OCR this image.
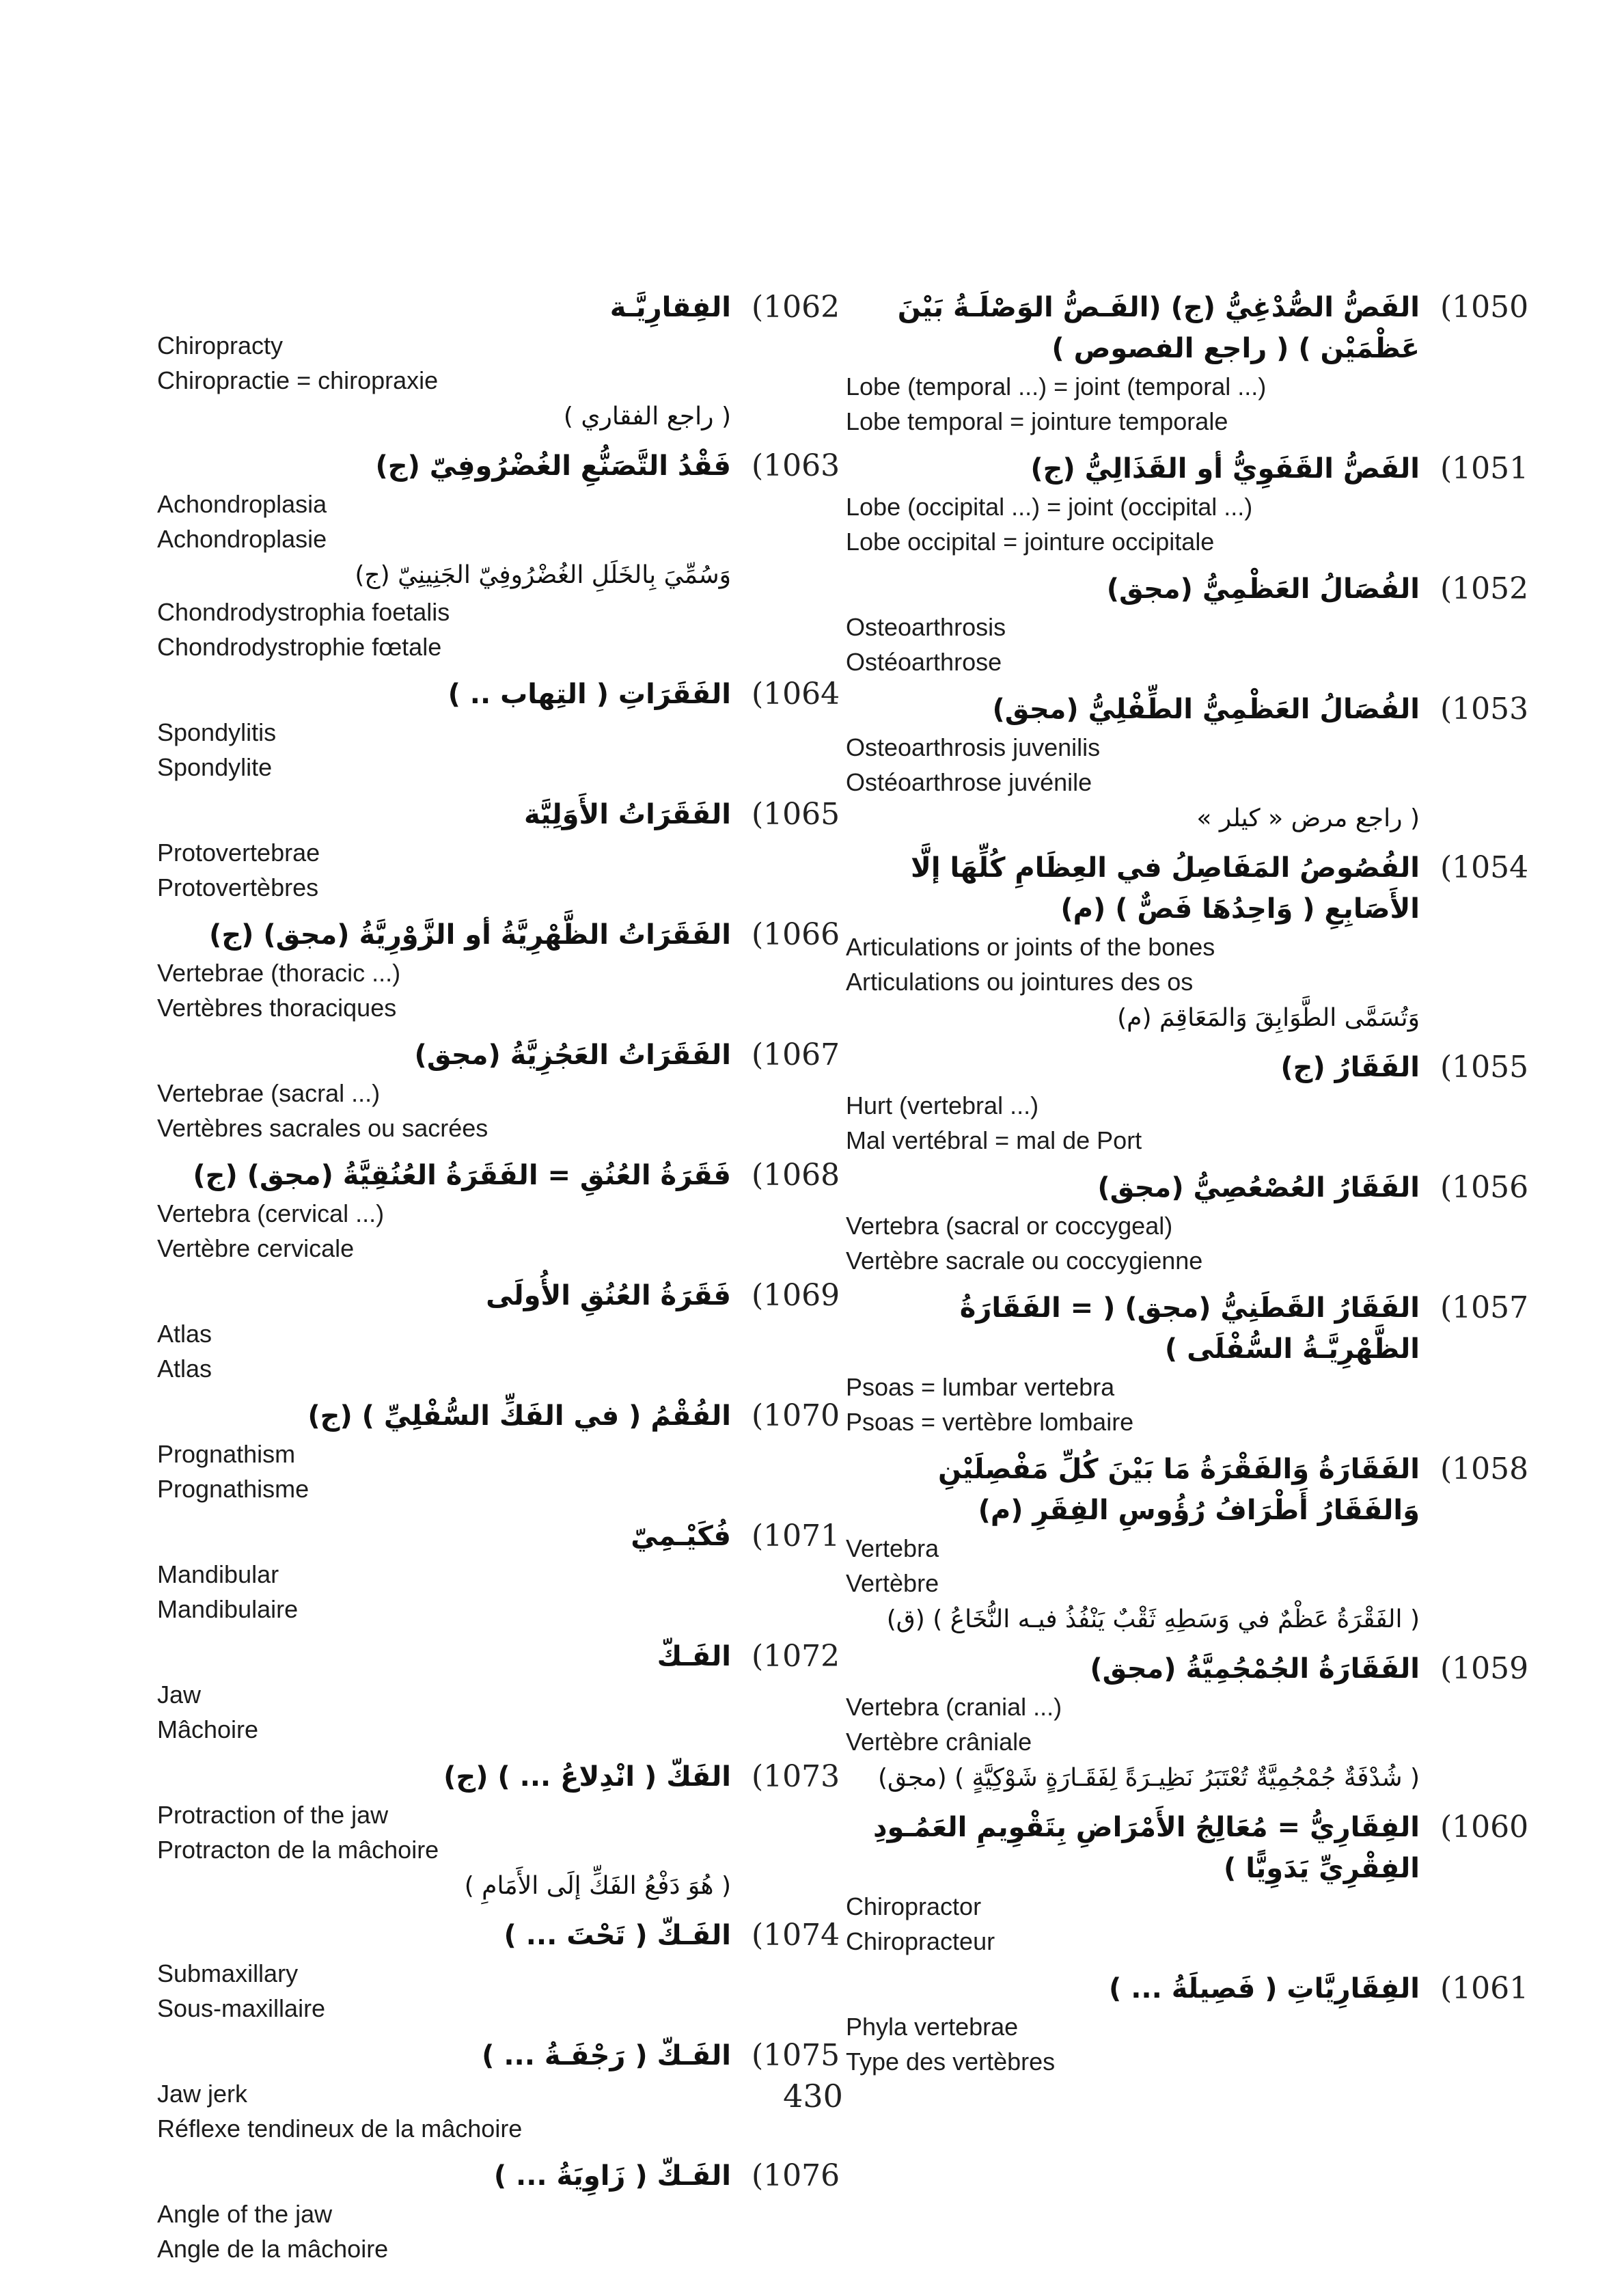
(1062
الفِقارِيَّـة
Chiropracty
Chiropractie = chiropraxie
( راجع الفقاري )
(1063
فَقْدُ التَّصَنُّعِ الغُضْرُوفِيّ (ج)
Achondroplasia
Achondroplasie
وَسُمِّيَ بِالخَلَلِ الغُضْرُوفِيّ الجَنِينِيّ (ج)
Chondrodystrophia foetalis
Chondrodystrophie fœtale
(1064
الفَقَرَاتِ ( التِهاب .. )
Spondylitis
Spondylite
(1065
الفَقَرَاتُ الأَوَلِيَّة
Protovertebrae
Protovertèbres
(1066
الفَقَرَاتُ الظَّهْرِيَّةُ أو الزَّوْرِيَّةُ (مجق) (ج)
Vertebrae (thoracic ...)
Vertèbres thoraciques
(1067
الفَقَرَاتُ العَجُزِيَّةُ (مجق)
Vertebrae (sacral ...)
Vertèbres sacrales ou sacrées
(1068
فَقَرَةُ العُنُقِ = الفَقَرَةُ العُنُقِيَّةُ (مجق) (ج)
Vertebra (cervical ...)
Vertèbre cervicale
(1069
فَقَرَةُ العُنُقِ الأُولَى
Atlas
Atlas
(1070
الفُقْمُ ( في الفَكِّ السُّفْلِيِّ ) (ج)
Prognathism
Prognathisme
(1071
فُكَيْـمِيّ
Mandibular
Mandibulaire
(1072
الفَـكّ
Jaw
Mâchoire
(1073
الفَكّ ( انْدِلاعُ ... ) (ج)
Protraction of the jaw
Protracton de la mâchoire
( هُوَ دَفْعُ الفَكِّ إلَى الأَمَامِ )
(1074
الفَـكّ ( تَحْتَ ... )
Submaxillary
Sous-maxillaire
(1075
الفَـكّ ( رَجْفَـةُ ... )
Jaw jerk
Réflexe tendineux de la mâchoire
(1076
الفَـكّ ( زَاوِيَةُ ... )
Angle of the jaw
Angle de la mâchoire
(1050
الفَصُّ الصُّدْغِيُّ (ج) (الفَـصُّ الوَصْلَـةُ بَيْنَ عَظْمَيْن ) ( راجع الفصوص )
Lobe (temporal ...) = joint (temporal ...)
Lobe temporal = jointure temporale
(1051
الفَصُّ القَفَوِيُّ أو القَذَالِيُّ (ج)
Lobe (occipital ...) = joint (occipital ...)
Lobe occipital = jointure occipitale
(1052
الفُصَالُ العَظْمِيُّ (مجق)
Osteoarthrosis
Ostéoarthrose
(1053
الفُصَالُ العَظْمِيُّ الطِّفْلِيُّ (مجق)
Osteoarthrosis juvenilis
Ostéoarthrose juvénile
( راجع مرض « كيلر »
(1054
الفُصُوصُ المَفَاصِلُ في العِظَامِ كُلِّهَا إلَّا الأَصَابِعِ ( وَاحِدُهَا فَصٌّ ) (م)
Articulations or joints of the bones
Articulations ou jointures des os
وَتُسَمَّى الطَّوَابِقَ وَالمَعَاقِمَ (م)
(1055
الفَقَارُ (ج)
Hurt (vertebral ...)
Mal vertébral = mal de Port
(1056
الفَقَارُ العُصْعُصِيُّ (مجق)
Vertebra (sacral or coccygeal)
Vertèbre sacrale ou coccygienne
(1057
الفَقَارُ القَطَنِيُّ (مجق) ( = الفَقَارَةُ الظَّهْرِيَّـةُ السُّفْلَى )
Psoas = lumbar vertebra
Psoas = vertèbre lombaire
(1058
الفَقَارَةُ وَالفَقْرَةُ مَا بَيْنَ كُلِّ مَفْصِلَيْنِ وَالفَقَارُ أَطْرَافُ رُؤُوسِ الفِقَرِ (م)
Vertebra
Vertèbre
( الفَقْرَةُ عَظْمٌ في وَسَطِهِ ثَقْبٌ يَنْفُذُ فيـه النُّخَاعُ ) (ق)
(1059
الفَقَارَةُ الجُمْجُمِيَّةُ (مجق)
Vertebra (cranial ...)
Vertèbre crâniale
( شُدْفَةٌ جُمْجُمِيَّةٌ تُعْتَبَرُ نَظِيـرَةً لِفَقَـارَةٍ شَوْكِيَّةٍ ) (مجق)
(1060
الفِقَارِيُّ = مُعَالِجُ الأَمْرَاضِ بِتَقْوِيمِ العَمُـودِ الفِقْرِيِّ يَدَوِيًّا )
Chiropractor
Chiropracteur
(1061
الفِقَارِيَّاتِ ( فَصِيلَةُ ... )
Phyla vertebrae
Type des vertèbres
430
